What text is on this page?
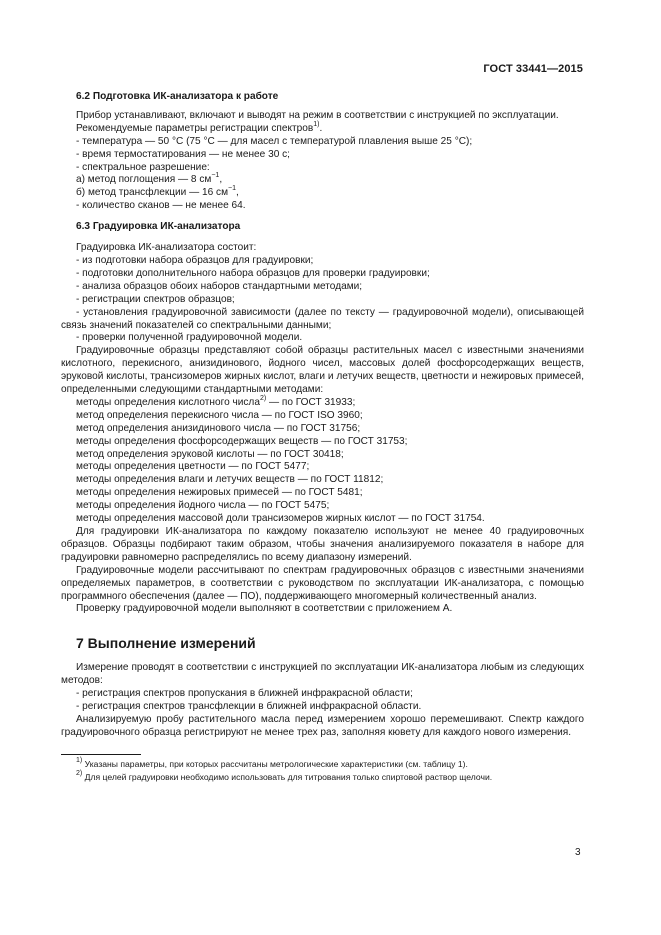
ГОСТ 33441—2015
6.2 Подготовка ИК-анализатора к работе

Прибор устанавливают, включают и выводят на режим в соответствии с инструкцией по эксплуатации.

Рекомендуемые параметры регистрации спектров$^{1)}$.

- температура — 50 °С (75 °С — для масел с температурой плавления выше 25 °С);

- время термостатирования — не менее 30 с;

- спектральное разрешение:

а) метод поглощения — 8 $см^{-1}$,

б) метод трансфлекции — 16 $см^{-1}$,

- количество сканов — не менее 64.

6.3 Градуировка ИК-анализатора

Градуировка ИК-анализатора состоит:

- из подготовки набора образцов для градуировки;

- подготовки дополнительного набора образцов для проверки градуировки;

- анализа образцов обоих наборов стандартными методами;

- регистрации спектров образцов;

- установления градуировочной зависимости (далее по тексту — градуировочной модели), описывающей связь значений показателей со спектральными данными;

- проверки полученной градуировочной модели.

Градуировочные образцы представляют собой образцы растительных масел с известными значениями кислотного, перекисного, анизидинового, йодного чисел, массовых долей фосфорсодержащих веществ, эруковой кислоты, трансизомеров жирных кислот, влаги и летучих веществ, цветности и нежировых примесей, определенными следующими стандартными методами:

методы определения кислотного числа$^{2)}$ — по ГОСТ 31933;

метод определения перекисного числа — по ГОСТ ISO 3960;

метод определения анизидинового числа — по ГОСТ 31756;

методы определения фосфорсодержащих веществ — по ГОСТ 31753;

метод определения эруковой кислоты — по ГОСТ 30418;

методы определения цветности — по ГОСТ 5477;

методы определения влаги и летучих веществ — по ГОСТ 11812;

методы определения нежировых примесей — по ГОСТ 5481;

методы определения йодного числа — по ГОСТ 5475;

методы определения массовой доли трансизомеров жирных кислот — по ГОСТ 31754.

Для градуировки ИК-анализатора по каждому показателю используют не менее 40 градуировочных образцов. Образцы подбирают таким образом, чтобы значения анализируемого показателя в наборе для градуировки равномерно распределялись по всему диапазону измерений.

Градуировочные модели рассчитывают по спектрам градуировочных образцов с известными значениями определяемых параметров, в соответствии с руководством по эксплуатации ИК-анализатора, с помощью программного обеспечения (далее — ПО), поддерживающего многомерный количественный анализ.

Проверку градуировочной модели выполняют в соответствии с приложением А.

7 Выполнение измерений

Измерение проводят в соответствии с инструкцией по эксплуатации ИК-анализатора любым из следующих методов:

- регистрация спектров пропускания в ближней инфракрасной области;

- регистрация спектров трансфлекции в ближней инфракрасной области.

Анализируемую пробу растительного масла перед измерением хорошо перемешивают. Спектр каждого градуировочного образца регистрируют не менее трех раз, заполняя кювету для каждого нового измерения.

$^{1)}$ Указаны параметры, при которых рассчитаны метрологические характеристики (см. таблицу 1).

$^{2)}$ Для целей градуировки необходимо использовать для титрования только спиртовой раствор щелочи.

3
